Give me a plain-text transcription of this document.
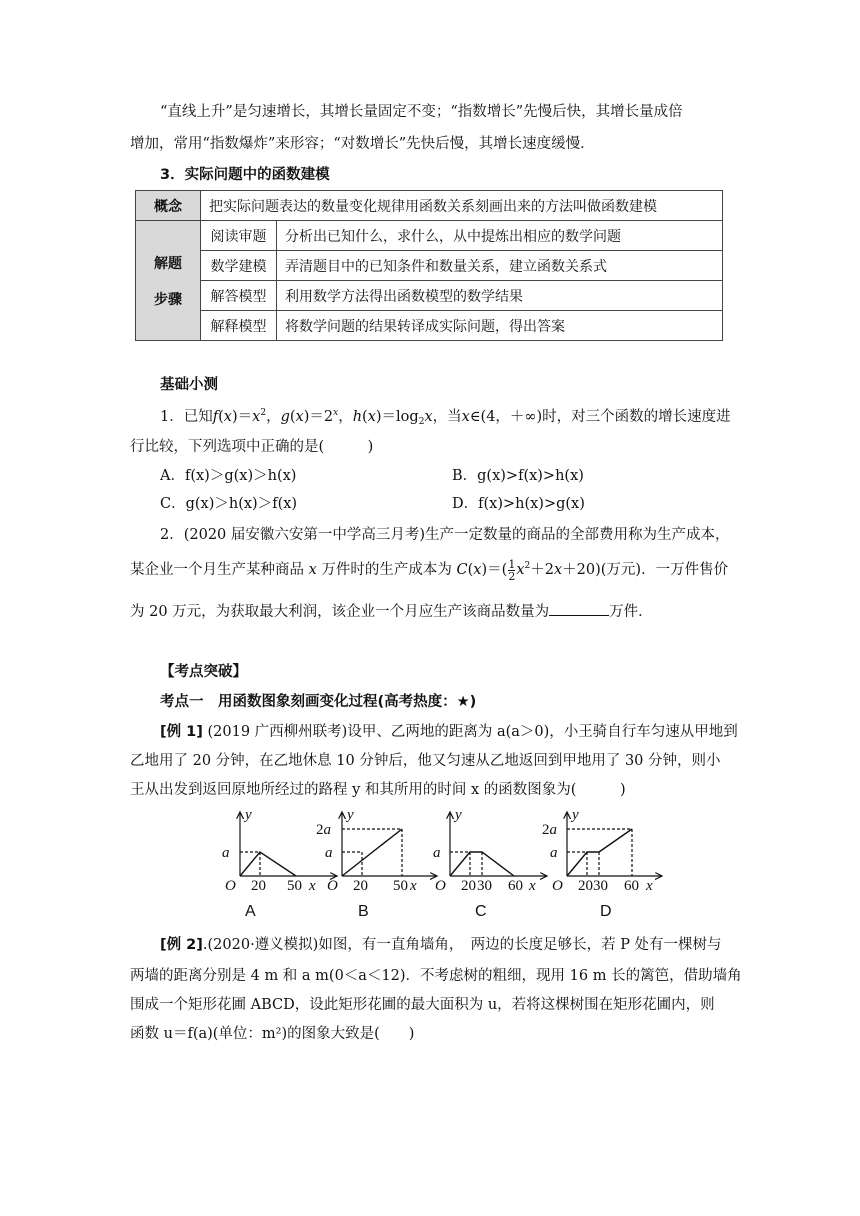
“直线上升”是匀速增长，其增长量固定不变；“指数增长”先慢后快，其增长量成倍
增加，常用“指数爆炸”来形容；“对数增长”先快后慢，其增长速度缓慢．
3．实际问题中的函数建模
概念	把实际问题表达的数量变化规律用函数关系刻画出来的方法叫做函数建模	
解题

步骤	阅读审题	分析出已知什么，求什么，从中提炼出相应的数学问题
	数学建模	弄清题目中的已知条件和数量关系，建立函数关系式
	解答模型	利用数学方法得出函数模型的数学结果
	解释模型	将数学问题的结果转译成实际问题，得出答案
基础小测
1．已知$f(x)=x^2$，$g(x)=2^x$，$h(x)=\log_2x$，当x∈(4，＋∞)时，对三个函数的增长速度进
行比较，下列选项中正确的是(　　　)
A．f(x)＞g(x)＞h(x)	B．g(x)>f(x)>h(x)
C．g(x)＞h(x)＞f(x)	D．f(x)>h(x)>g(x)
2．(2020 届安徽六安第一中学高三月考)生产一定数量的商品的全部费用称为生产成本，
某企业一个月生产某种商品 x 万件时的生产成本为 $C(x)=( \frac{1}{2} x^2+2x+20)$(万元)．一万件售价
为 20 万元，为获取最大利润，该企业一个月应生产该商品数量为	万件．
【考点突破】
考点一　用函数图象刻画变化过程(高考热度：★)
[例 1] (2019 广西柳州联考)设甲、乙两地的距离为 a(a＞0)，小王骑自行车匀速从甲地到
乙地用了 20 分钟，在乙地休息 10 分钟后，他又匀速从乙地返回到甲地用了 30 分钟，则小
王从出发到返回原地所经过的路程 y 和其所用的时间 x 的函数图象为(　　　)
a
O 20 50 x
y
A
2a
a
O 20 50 x
y
B
a
O 20 30 60 x
y
C
2a
a
O 20 30 60 x
y
D
[例 2].(2020·遵义模拟)如图，有一直角墙角，　两边的长度足够长，若 P 处有一棵树与
两墙的距离分别是 4 m 和 a m(0＜a＜12)．不考虑树的粗细，现用 16 m 长的篱笆，借助墙角
围成一个矩形花圃 ABCD，设此矩形花圃的最大面积为 u，若将这棵树围在矩形花圃内，则
函数 u＝f(a)(单位：m²)的图象大致是(　　)
